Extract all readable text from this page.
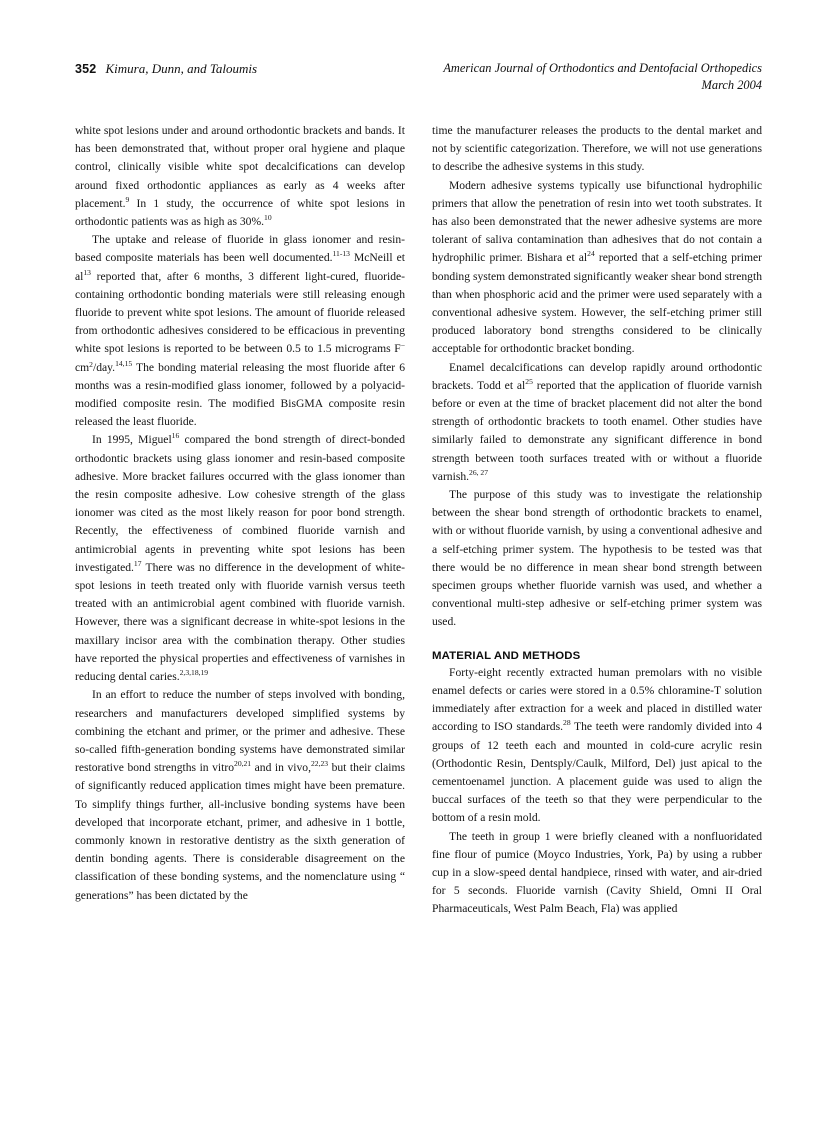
352 Kimura, Dunn, and Taloumis	American Journal of Orthodontics and Dentofacial Orthopedics
March 2004

white spot lesions under and around orthodontic brackets and bands. It has been demonstrated that, without proper oral hygiene and plaque control, clinically visible white spot decalcifications can develop around fixed orthodontic appliances as early as 4 weeks after placement.$^9$ In 1 study, the occurrence of white spot lesions in orthodontic patients was as high as 30%.$^{10}$

The uptake and release of fluoride in glass ionomer and resin-based composite materials has been well documented.$^{11-13}$ McNeill et $al^{13}$ reported that, after 6 months, 3 different light-cured, fluoride-containing orthodontic bonding materials were still releasing enough fluoride to prevent white spot lesions. The amount of fluoride released from orthodontic adhesives considered to be efficacious in preventing white spot lesions is reported to be between 0.5 to 1.5 micrograms F− $cm^2/day.^{14,15}$ The bonding material releasing the most fluoride after 6 months was a resin-modified glass ionomer, followed by a polyacid-modified composite resin. The modified BisGMA composite resin released the least fluoride.

In 1995, Miguel$^{16}$ compared the bond strength of direct-bonded orthodontic brackets using glass ionomer and resin-based composite adhesive. More bracket failures occurred with the glass ionomer than the resin composite adhesive. Low cohesive strength of the glass ionomer was cited as the most likely reason for poor bond strength. Recently, the effectiveness of combined fluoride varnish and antimicrobial agents in preventing white spot lesions has been investigated.$^{17}$ There was no difference in the development of white-spot lesions in teeth treated only with fluoride varnish versus teeth treated with an antimicrobial agent combined with fluoride varnish. However, there was a significant decrease in white-spot lesions in the maxillary incisor area with the combination therapy. Other studies have reported the physical properties and effectiveness of varnishes in reducing dental caries.$^{2,3,18,19}$

In an effort to reduce the number of steps involved with bonding, researchers and manufacturers developed simplified systems by combining the etchant and primer, or the primer and adhesive. These so-called fifth-generation bonding systems have demonstrated similar restorative bond strengths in vitro$^{20,21}$ and in vivo,$^{22,23}$ but their claims of significantly reduced application times might have been premature. To simplify things further, all-inclusive bonding systems have been developed that incorporate etchant, primer, and adhesive in 1 bottle, commonly known in restorative dentistry as the sixth generation of dentin bonding agents. There is considerable disagreement on the classification of these bonding systems, and the nomenclature using “ generations” has been dictated by the

time the manufacturer releases the products to the dental market and not by scientific categorization. Therefore, we will not use generations to describe the adhesive systems in this study.

Modern adhesive systems typically use bifunctional hydrophilic primers that allow the penetration of resin into wet tooth substrates. It has also been demonstrated that the newer adhesive systems are more tolerant of saliva contamination than adhesives that do not contain a hydrophilic primer. Bishara et $al^{24}$ reported that a self-etching primer bonding system demonstrated significantly weaker shear bond strength than when phosphoric acid and the primer were used separately with a conventional adhesive system. However, the self-etching primer still produced laboratory bond strengths considered to be clinically acceptable for orthodontic bracket bonding.

Enamel decalcifications can develop rapidly around orthodontic brackets. Todd et $al^{25}$ reported that the application of fluoride varnish before or even at the time of bracket placement did not alter the bond strength of orthodontic brackets to tooth enamel. Other studies have similarly failed to demonstrate any significant difference in bond strength between tooth surfaces treated with or without a fluoride varnish.$^{26, 27}$

The purpose of this study was to investigate the relationship between the shear bond strength of orthodontic brackets to enamel, with or without fluoride varnish, by using a conventional adhesive and a self-etching primer system. The hypothesis to be tested was that there would be no difference in mean shear bond strength between specimen groups whether fluoride varnish was used, and whether a conventional multi-step adhesive or self-etching primer system was used.

MATERIAL AND METHODS

Forty-eight recently extracted human premolars with no visible enamel defects or caries were stored in a 0.5% chloramine-T solution immediately after extraction for a week and placed in distilled water according to ISO standards.$^{28}$ The teeth were randomly divided into 4 groups of 12 teeth each and mounted in cold-cure acrylic resin (Orthodontic Resin, Dentsply/Caulk, Milford, Del) just apical to the cementoenamel junction. A placement guide was used to align the buccal surfaces of the teeth so that they were perpendicular to the bottom of a resin mold.

The teeth in group 1 were briefly cleaned with a nonfluoridated fine flour of pumice (Moyco Industries, York, Pa) by using a rubber cup in a slow-speed dental handpiece, rinsed with water, and air-dried for 5 seconds. Fluoride varnish (Cavity Shield, Omni II Oral Pharmaceuticals, West Palm Beach, Fla) was applied
